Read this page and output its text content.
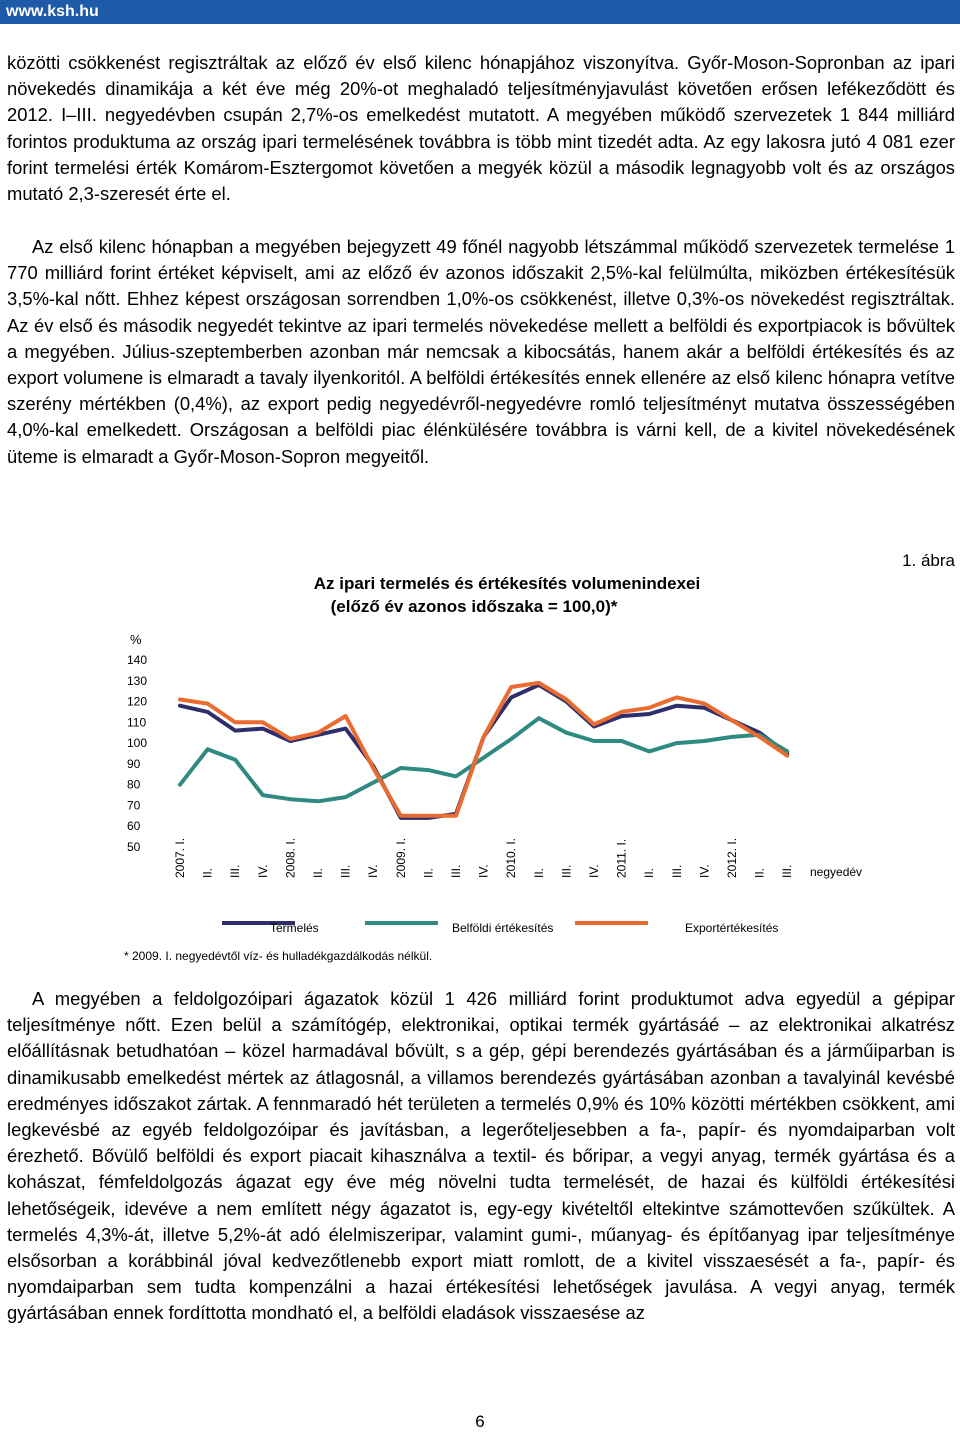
www.ksh.hu

közötti csökkenést regisztráltak az előző év első kilenc hónapjához viszonyítva. Győr-Moson-Sopronban az ipari növekedés dinamikája a két éve még 20%-ot meghaladó teljesítményjavulást követően erősen lefékeződött és 2012. I–III. negyedévben csupán 2,7%-os emelkedést mutatott. A megyében működő szervezetek 1 844 milliárd forintos produktuma az ország ipari termelésének továbbra is több mint tizedét adta. Az egy lakosra jutó 4 081 ezer forint termelési érték Komárom-Esztergomot követően a megyék közül a második legnagyobb volt és az országos mutató 2,3-szeresét érte el.

Az első kilenc hónapban a megyében bejegyzett 49 főnél nagyobb létszámmal működő szervezetek termelése 1 770 milliárd forint értéket képviselt, ami az előző év azonos időszakit 2,5%-kal felülmúlta, miközben értékesítésük 3,5%-kal nőtt. Ehhez képest országosan sorrendben 1,0%-os csökkenést, illetve 0,3%-os növekedést regisztráltak. Az év első és második negyedét tekintve az ipari termelés növekedése mellett a belföldi és exportpiacok is bővültek a megyében. Július-szeptemberben azonban már nemcsak a kibocsátás, hanem akár a belföldi értékesítés és az export volumene is elmaradt a tavaly ilyenkoritól. A belföldi értékesítés ennek ellenére az első kilenc hónapra vetítve szerény mértékben (0,4%), az export pedig negyedévről-negyedévre romló teljesítményt mutatva összességében 4,0%-kal emelkedett. Országosan a belföldi piac élénkülésére továbbra is várni kell, de a kivitel növekedésének üteme is elmaradt a Győr-Moson-Sopron megyeitől.

1. ábra
Az ipari termelés és értékesítés volumenindexei
(előző év azonos időszaka = 100,0)*
%
140
130
120
110
100
90
80
70
60
50	2007. I. II. III. IV. 2008. I. II. III. IV. 2009. I. II. III. IV. 2010. I. II. III. IV. 2011. I. II. III. IV. 2012. I. II. III. negyedév
Termelés	Belföldi értékesítés	Exportértékesítés
* 2009. I. negyedévtől víz- és hulladékgazdálkodás nélkül.

A megyében a feldolgozóipari ágazatok közül 1 426 milliárd forint produktumot adva egyedül a gépipar teljesítménye nőtt. Ezen belül a számítógép, elektronikai, optikai termék gyártásáé – az elektronikai alkatrész előállításnak betudhatóan – közel harmadával bővült, s a gép, gépi berendezés gyártásában és a járműiparban is dinamikusabb emelkedést mértek az átlagosnál, a villamos berendezés gyártásában azonban a tavalyinál kevésbé eredményes időszakot zártak. A fennmaradó hét területen a termelés 0,9% és 10% közötti mértékben csökkent, ami legkevésbé az egyéb feldolgozóipar és javításban, a legerőteljesebben a fa-, papír- és nyomdaiparban volt érezhető. Bővülő belföldi és export piacait kihasználva a textil- és bőripar, a vegyi anyag, termék gyártása és a kohászat, fémfeldolgozás ágazat egy éve még növelni tudta termelését, de hazai és külföldi értékesítési lehetőségeik, idevéve a nem említett négy ágazatot is, egy-egy kivételtől eltekintve számottevően szűkültek. A termelés 4,3%-át, illetve 5,2%-át adó élelmiszeripar, valamint gumi-, műanyag- és építőanyag ipar teljesítménye elsősorban a korábbinál jóval kedvezőtlenebb export miatt romlott, de a kivitel visszaesését a fa-, papír- és nyomdaiparban sem tudta kompenzálni a hazai értékesítési lehetőségek javulása. A vegyi anyag, termék gyártásában ennek fordíttotta mondható el, a belföldi eladások visszaesése az

6
